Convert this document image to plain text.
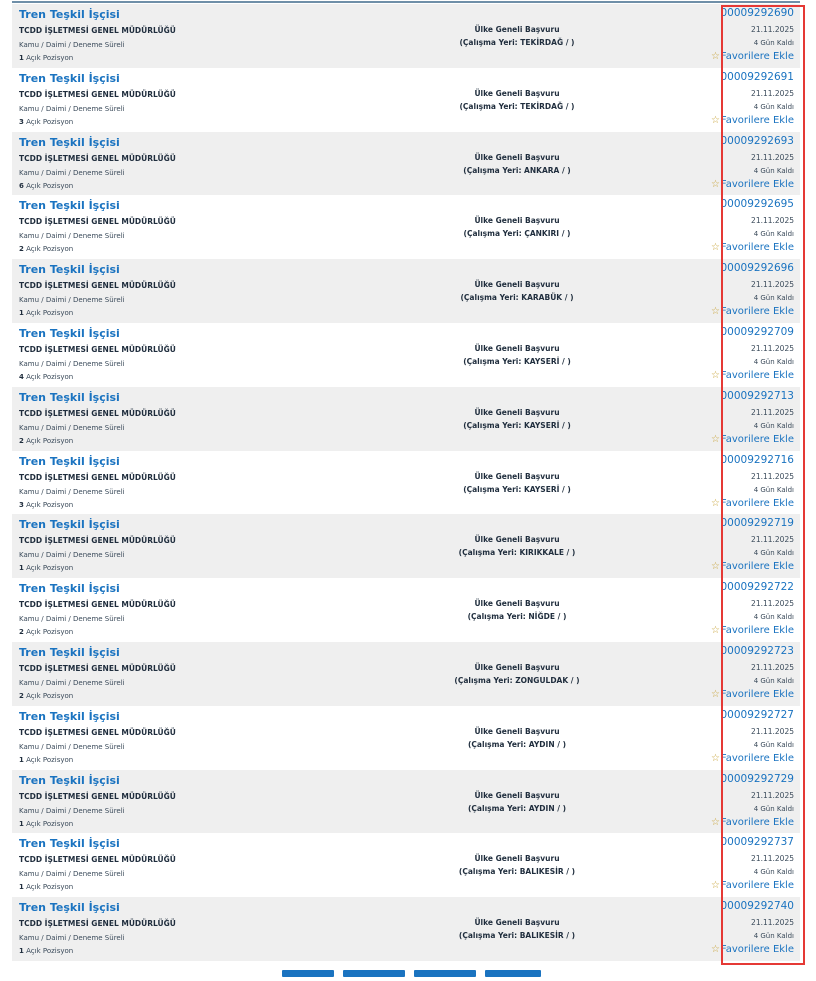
Tren Teşkil İşçisi
TCDD İŞLETMESİ GENEL MÜDÜRLÜĞÜ
Kamu / Daimi / Deneme Süreli
1 Açık Pozisyon
Ülke Geneli Başvuru
(Çalışma Yeri: TEKİRDAĞ / )
00009292690
21.11.2025
4 Gün Kaldı
☆Favorilere Ekle
Tren Teşkil İşçisi
TCDD İŞLETMESİ GENEL MÜDÜRLÜĞÜ
Kamu / Daimi / Deneme Süreli
3 Açık Pozisyon
Ülke Geneli Başvuru
(Çalışma Yeri: TEKİRDAĞ / )
00009292691
21.11.2025
4 Gün Kaldı
☆Favorilere Ekle
Tren Teşkil İşçisi
TCDD İŞLETMESİ GENEL MÜDÜRLÜĞÜ
Kamu / Daimi / Deneme Süreli
6 Açık Pozisyon
Ülke Geneli Başvuru
(Çalışma Yeri: ANKARA / )
00009292693
21.11.2025
4 Gün Kaldı
☆Favorilere Ekle
Tren Teşkil İşçisi
TCDD İŞLETMESİ GENEL MÜDÜRLÜĞÜ
Kamu / Daimi / Deneme Süreli
2 Açık Pozisyon
Ülke Geneli Başvuru
(Çalışma Yeri: ÇANKIRI / )
00009292695
21.11.2025
4 Gün Kaldı
☆Favorilere Ekle
Tren Teşkil İşçisi
TCDD İŞLETMESİ GENEL MÜDÜRLÜĞÜ
Kamu / Daimi / Deneme Süreli
1 Açık Pozisyon
Ülke Geneli Başvuru
(Çalışma Yeri: KARABÜK / )
00009292696
21.11.2025
4 Gün Kaldı
☆Favorilere Ekle
Tren Teşkil İşçisi
TCDD İŞLETMESİ GENEL MÜDÜRLÜĞÜ
Kamu / Daimi / Deneme Süreli
4 Açık Pozisyon
Ülke Geneli Başvuru
(Çalışma Yeri: KAYSERİ / )
00009292709
21.11.2025
4 Gün Kaldı
☆Favorilere Ekle
Tren Teşkil İşçisi
TCDD İŞLETMESİ GENEL MÜDÜRLÜĞÜ
Kamu / Daimi / Deneme Süreli
2 Açık Pozisyon
Ülke Geneli Başvuru
(Çalışma Yeri: KAYSERİ / )
00009292713
21.11.2025
4 Gün Kaldı
☆Favorilere Ekle
Tren Teşkil İşçisi
TCDD İŞLETMESİ GENEL MÜDÜRLÜĞÜ
Kamu / Daimi / Deneme Süreli
3 Açık Pozisyon
Ülke Geneli Başvuru
(Çalışma Yeri: KAYSERİ / )
00009292716
21.11.2025
4 Gün Kaldı
☆Favorilere Ekle
Tren Teşkil İşçisi
TCDD İŞLETMESİ GENEL MÜDÜRLÜĞÜ
Kamu / Daimi / Deneme Süreli
1 Açık Pozisyon
Ülke Geneli Başvuru
(Çalışma Yeri: KIRIKKALE / )
00009292719
21.11.2025
4 Gün Kaldı
☆Favorilere Ekle
Tren Teşkil İşçisi
TCDD İŞLETMESİ GENEL MÜDÜRLÜĞÜ
Kamu / Daimi / Deneme Süreli
2 Açık Pozisyon
Ülke Geneli Başvuru
(Çalışma Yeri: NİĞDE / )
00009292722
21.11.2025
4 Gün Kaldı
☆Favorilere Ekle
Tren Teşkil İşçisi
TCDD İŞLETMESİ GENEL MÜDÜRLÜĞÜ
Kamu / Daimi / Deneme Süreli
2 Açık Pozisyon
Ülke Geneli Başvuru
(Çalışma Yeri: ZONGULDAK / )
00009292723
21.11.2025
4 Gün Kaldı
☆Favorilere Ekle
Tren Teşkil İşçisi
TCDD İŞLETMESİ GENEL MÜDÜRLÜĞÜ
Kamu / Daimi / Deneme Süreli
1 Açık Pozisyon
Ülke Geneli Başvuru
(Çalışma Yeri: AYDIN / )
00009292727
21.11.2025
4 Gün Kaldı
☆Favorilere Ekle
Tren Teşkil İşçisi
TCDD İŞLETMESİ GENEL MÜDÜRLÜĞÜ
Kamu / Daimi / Deneme Süreli
1 Açık Pozisyon
Ülke Geneli Başvuru
(Çalışma Yeri: AYDIN / )
00009292729
21.11.2025
4 Gün Kaldı
☆Favorilere Ekle
Tren Teşkil İşçisi
TCDD İŞLETMESİ GENEL MÜDÜRLÜĞÜ
Kamu / Daimi / Deneme Süreli
1 Açık Pozisyon
Ülke Geneli Başvuru
(Çalışma Yeri: BALIKESİR / )
00009292737
21.11.2025
4 Gün Kaldı
☆Favorilere Ekle
Tren Teşkil İşçisi
TCDD İŞLETMESİ GENEL MÜDÜRLÜĞÜ
Kamu / Daimi / Deneme Süreli
1 Açık Pozisyon
Ülke Geneli Başvuru
(Çalışma Yeri: BALIKESİR / )
00009292740
21.11.2025
4 Gün Kaldı
☆Favorilere Ekle
